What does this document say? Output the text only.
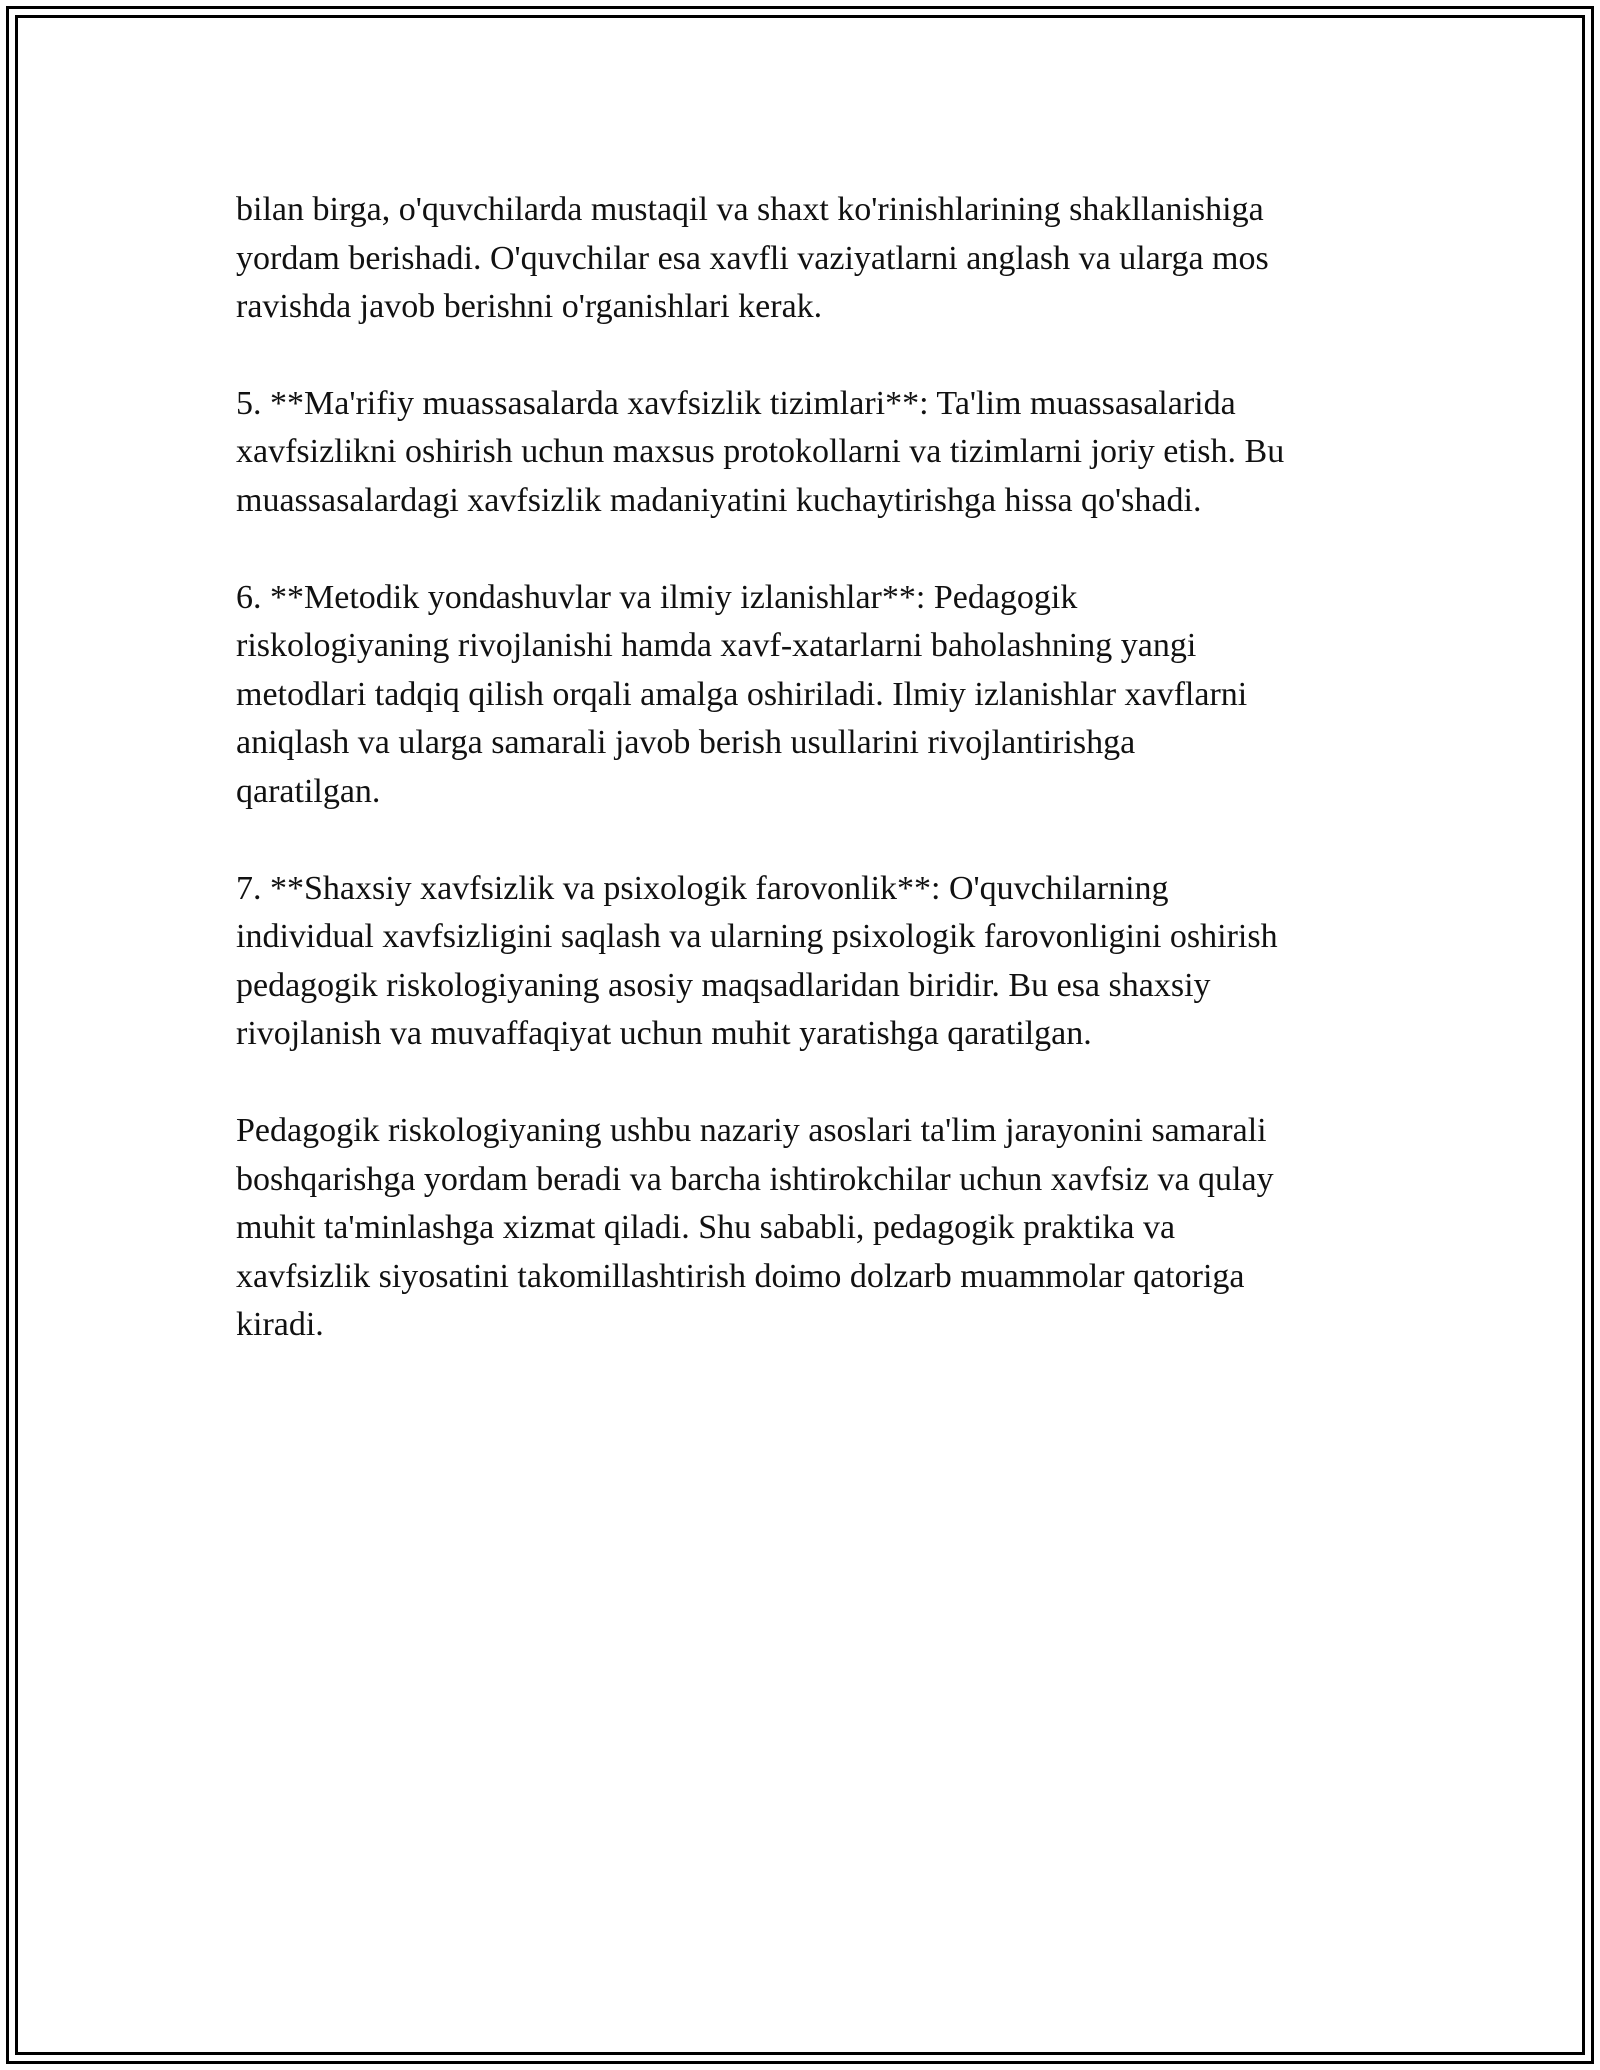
bilan birga, o'quvchilarda mustaqil va shaxt ko'rinishlarining shakllanishiga
yordam berishadi. O'quvchilar esa xavfli vaziyatlarni anglash va ularga mos
ravishda javob berishni o'rganishlari kerak.

5. **Ma'rifiy muassasalarda xavfsizlik tizimlari**: Ta'lim muassasalarida
xavfsizlikni oshirish uchun maxsus protokollarni va tizimlarni joriy etish. Bu
muassasalardagi xavfsizlik madaniyatini kuchaytirishga hissa qo'shadi.

6. **Metodik yondashuvlar va ilmiy izlanishlar**: Pedagogik
riskologiyaning rivojlanishi hamda xavf-xatarlarni baholashning yangi
metodlari tadqiq qilish orqali amalga oshiriladi. Ilmiy izlanishlar xavflarni
aniqlash va ularga samarali javob berish usullarini rivojlantirishga
qaratilgan.

7. **Shaxsiy xavfsizlik va psixologik farovonlik**: O'quvchilarning
individual xavfsizligini saqlash va ularning psixologik farovonligini oshirish
pedagogik riskologiyaning asosiy maqsadlaridan biridir. Bu esa shaxsiy
rivojlanish va muvaffaqiyat uchun muhit yaratishga qaratilgan.

Pedagogik riskologiyaning ushbu nazariy asoslari ta'lim jarayonini samarali
boshqarishga yordam beradi va barcha ishtirokchilar uchun xavfsiz va qulay
muhit ta'minlashga xizmat qiladi. Shu sababli, pedagogik praktika va
xavfsizlik siyosatini takomillashtirish doimo dolzarb muammolar qatoriga
kiradi.
